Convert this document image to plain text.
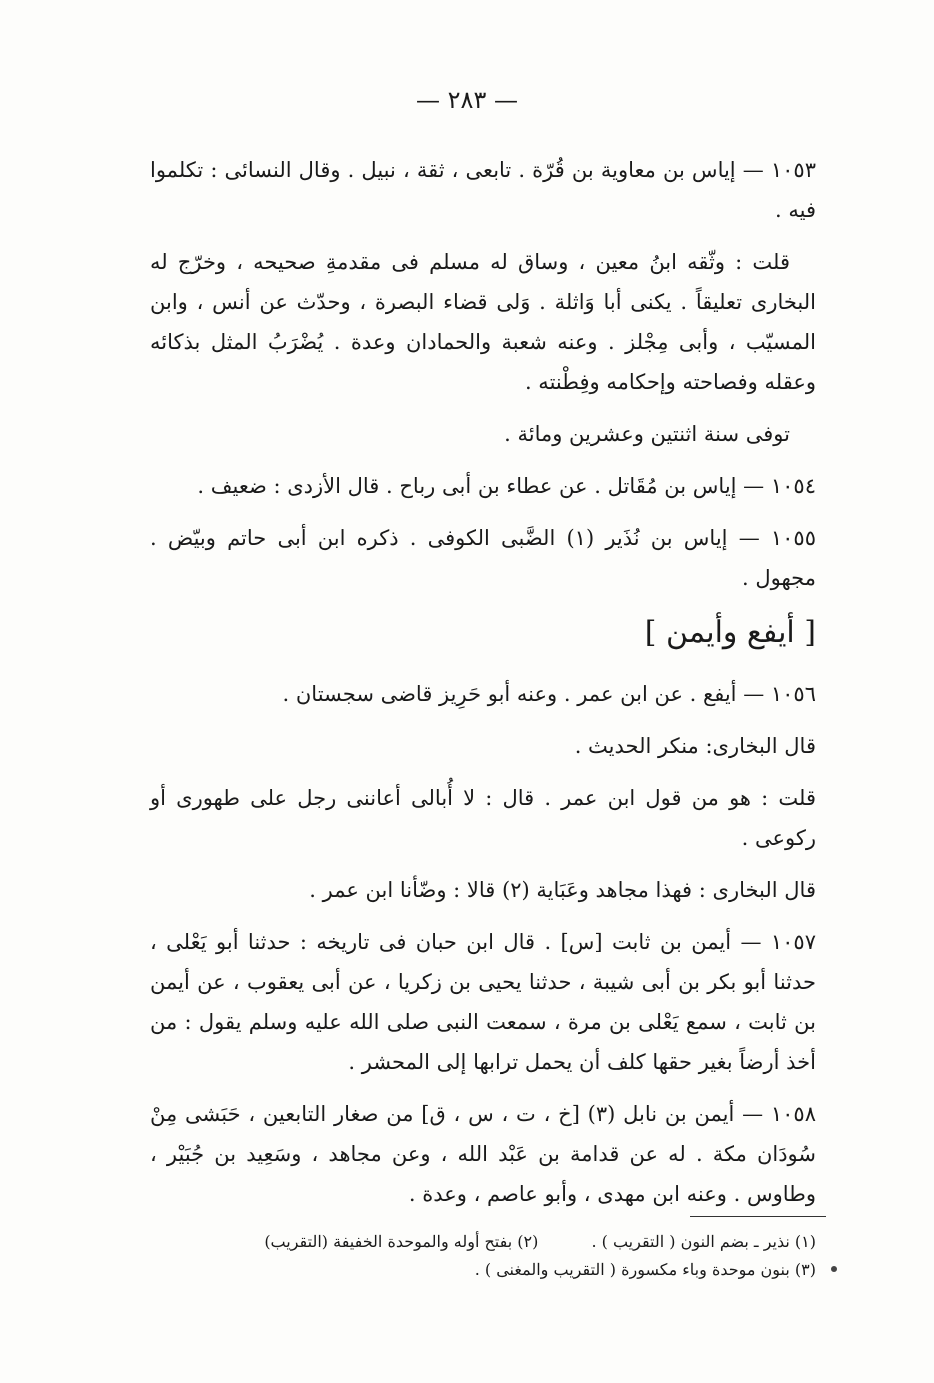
— ٢٨٣ —

١٠٥٣ — إياس بن معاوية بن قُرّة . تابعى ، ثقة ، نبيل . وقال النسائى : تكلموا فيه .

قلت : وثّقه ابنُ معين ، وساق له مسلم فى مقدمةِ صحيحه ، وخرّج له البخارى تعليقاً . يكنى أبا وَاثلة . وَلى قضاء البصرة ، وحدّث عن أنس ، وابن المسيّب ، وأبى مِجْلز . وعنه شعبة والحمادان وعدة . يُضْرَبُ المثل بذكائه وعقله وفصاحته وإحكامه وفِطْنته .

توفى سنة اثنتين وعشرين ومائة .

١٠٥٤ — إياس بن مُقَاتل . عن عطاء بن أبى رباح . قال الأزدى : ضعيف .

١٠٥٥ — إياس بن نُذَير (١) الضَّبى الكوفى . ذكره ابن أبى حاتم وبيّض . مجهول .

[ أيفع وأيمن ]

١٠٥٦ — أيفع . عن ابن عمر . وعنه أبو حَرِيز قاضى سجستان .

قال البخارى: منكر الحديث .

قلت : هو من قول ابن عمر . قال : لا أُبالى أعاننى رجل على طهورى أو ركوعى .

قال البخارى : فهذا مجاهد وعَبَاية (٢) قالا : وضّأنا ابن عمر .

١٠٥٧ — أيمن بن ثابت [س] . قال ابن حبان فى تاريخه : حدثنا أبو يَعْلى ، حدثنا أبو بكر بن أبى شيبة ، حدثنا يحيى بن زكريا ، عن أبى يعقوب ، عن أيمن بن ثابت ، سمع يَعْلى بن مرة ، سمعت النبى صلى الله عليه وسلم يقول : من أخذ أرضاً بغير حقها كلف أن يحمل ترابها إلى المحشر .

١٠٥٨ — أيمن بن نابل (٣) [خ ، ت ، س ، ق] من صغار التابعين ، حَبَشى مِنْ سُودَان مكة . له عن قدامة بن عَبْد الله ، وعن مجاهد ، وسَعِيد بن جُبَيْر ، وطاوس . وعنه ابن مهدى ، وأبو عاصم ، وعدة .

(١) نذير ـ بضم النون ( التقريب ) . (٢) بفتح أوله والموحدة الخفيفة (التقريب)
(٣) بنون موحدة وباء مكسورة ( التقريب والمغنى ) .
